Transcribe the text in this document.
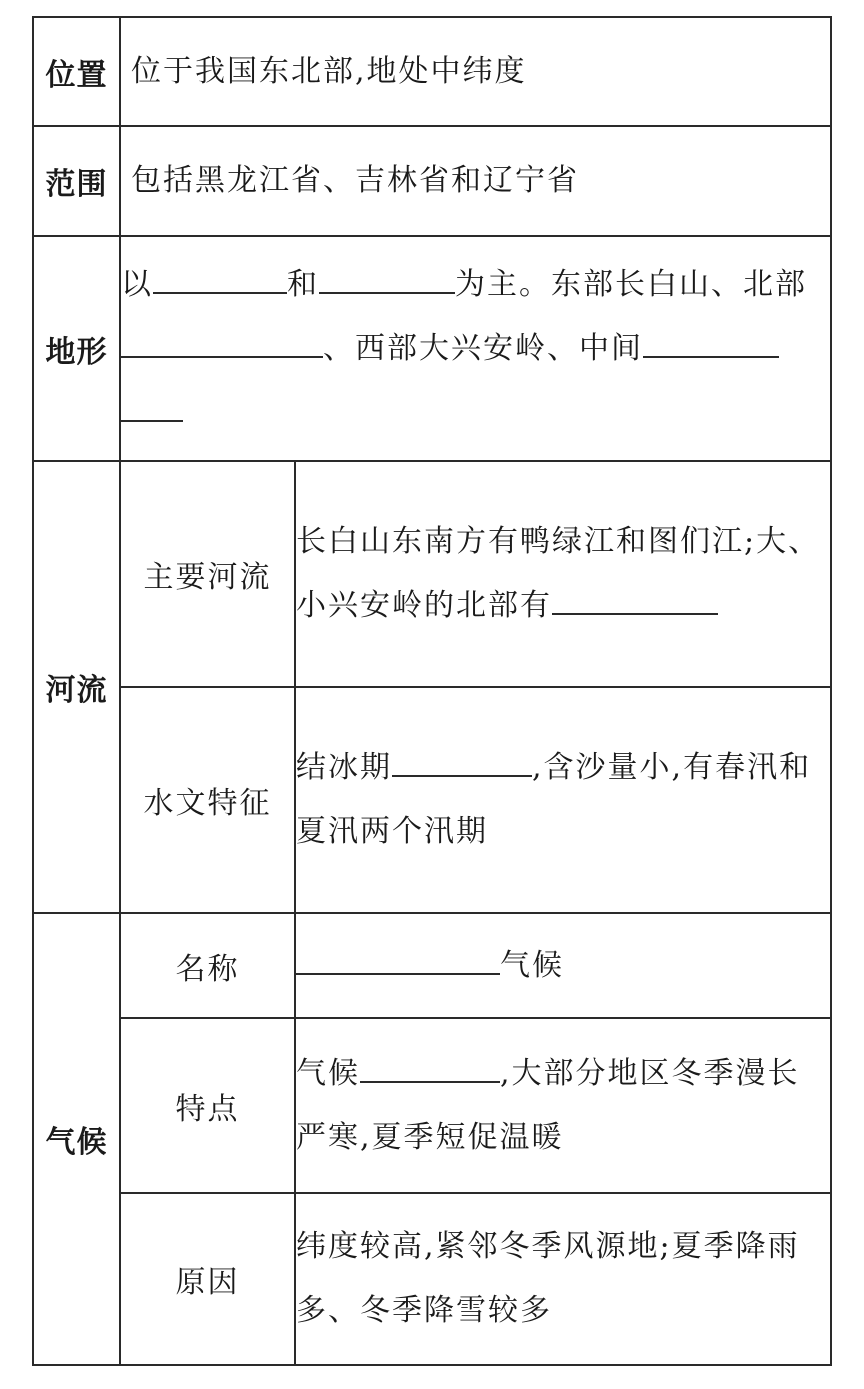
位置	位于我国东北部,地处中纬度	
范围	包括黑龙江省、吉林省和辽宁省	
地形	以 和 为主。东部长白山、北部、西部大兴安岭、中间	
河流	主要河流	长白山东南方有鸭绿江和图们江;大、小兴安岭的北部有
	水文特征	结冰期 ,含沙量小,有春汛和夏汛两个汛期
气候	名称	气候
	特点	气候 ,大部分地区冬季漫长严寒,夏季短促温暖
	原因	纬度较高,紧邻冬季风源地;夏季降雨多、冬季降雪较多
